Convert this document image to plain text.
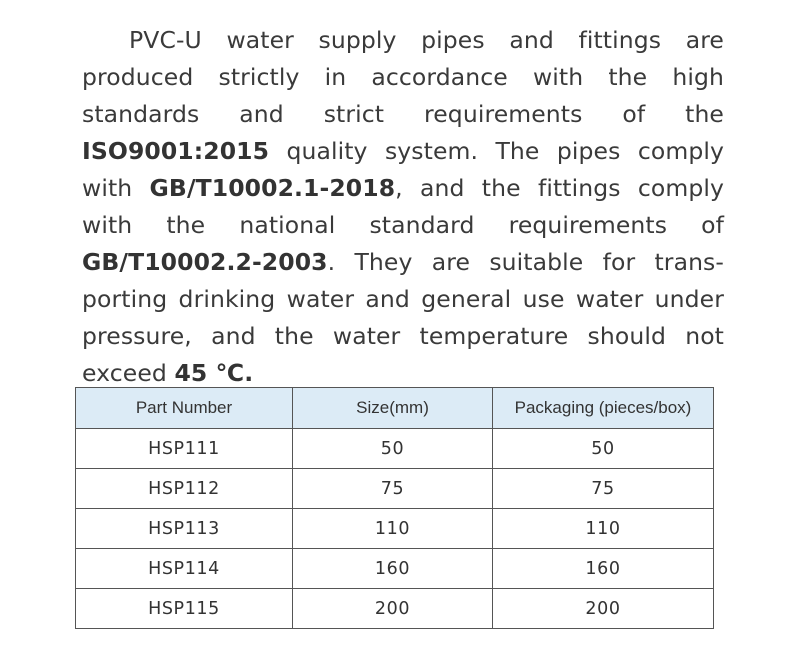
PVC-U water supply pipes and fittings are produced strictly in accordance with the high standards and strict requirements of the ISO9001:2015 quality system. The pipes comply with GB/T10002.1-2018, and the fittings comply with the national standard requirements of GB/T10002.2-2003. They are suitable for trans-porting drinking water and general use water under pressure, and the water temperature should not exceed 45 ℃.

Part Number	Size(mm)	Packaging (pieces/box)
HSP111	50	50
HSP112	75	75
HSP113	110	110
HSP114	160	160
HSP115	200	200
